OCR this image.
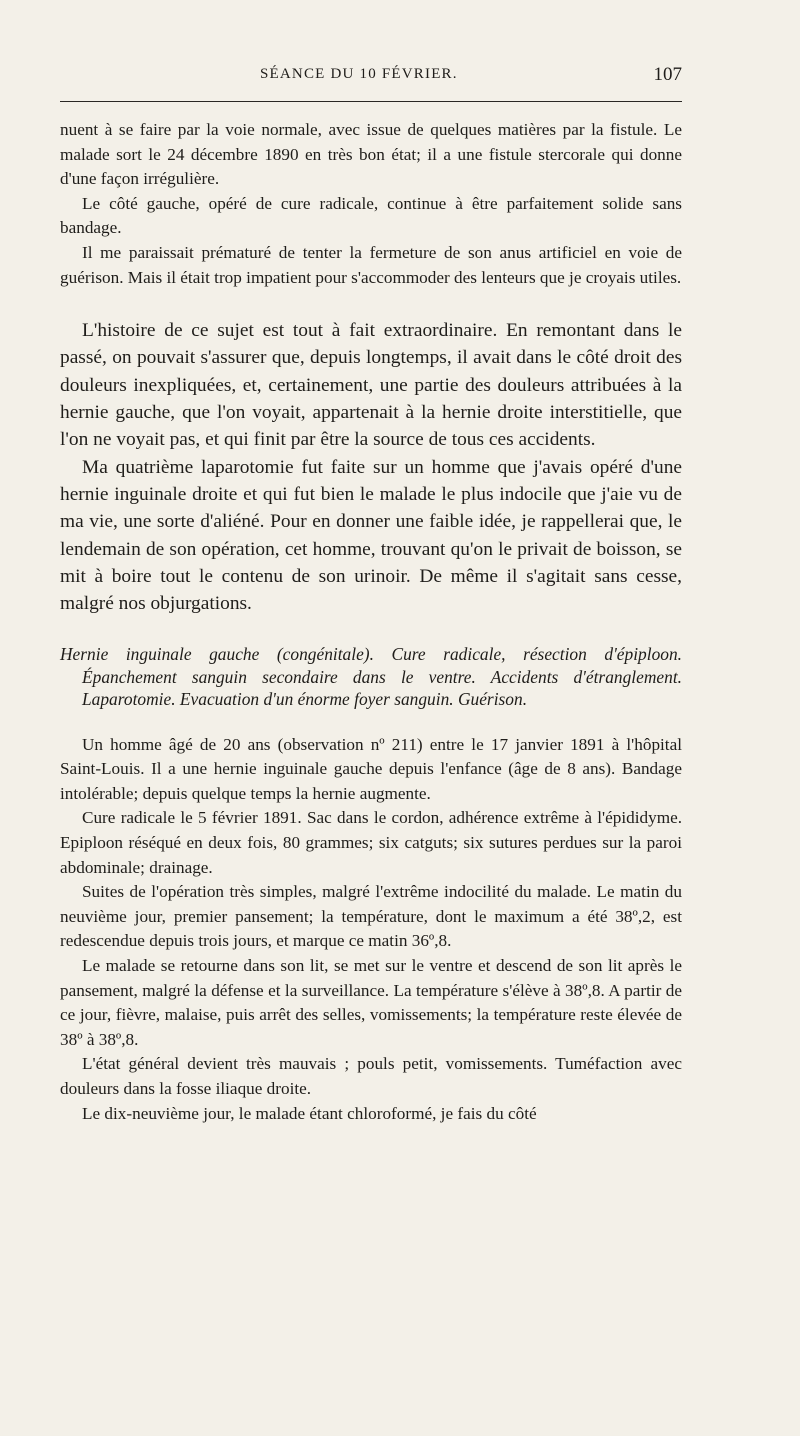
SÉANCE DU 10 FÉVRIER.	107

nuent à se faire par la voie normale, avec issue de quelques matières par la fistule. Le malade sort le 24 décembre 1890 en très bon état; il a une fistule stercorale qui donne d'une façon irrégulière.

Le côté gauche, opéré de cure radicale, continue à être parfaitement solide sans bandage.

Il me paraissait prématuré de tenter la fermeture de son anus artificiel en voie de guérison. Mais il était trop impatient pour s'accommoder des lenteurs que je croyais utiles.

L'histoire de ce sujet est tout à fait extraordinaire. En remontant dans le passé, on pouvait s'assurer que, depuis longtemps, il avait dans le côté droit des douleurs inexpliquées, et, certainement, une partie des douleurs attribuées à la hernie gauche, que l'on voyait, appartenait à la hernie droite interstitielle, que l'on ne voyait pas, et qui finit par être la source de tous ces accidents.

Ma quatrième laparotomie fut faite sur un homme que j'avais opéré d'une hernie inguinale droite et qui fut bien le malade le plus indocile que j'aie vu de ma vie, une sorte d'aliéné. Pour en donner une faible idée, je rappellerai que, le lendemain de son opération, cet homme, trouvant qu'on le privait de boisson, se mit à boire tout le contenu de son urinoir. De même il s'agitait sans cesse, malgré nos objurgations.

Hernie inguinale gauche (congénitale). Cure radicale, résection d'épiploon. Épanchement sanguin secondaire dans le ventre. Accidents d'étranglement. Laparotomie. Evacuation d'un énorme foyer sanguin. Guérison.

Un homme âgé de 20 ans (observation nº 211) entre le 17 janvier 1891 à l'hôpital Saint-Louis. Il a une hernie inguinale gauche depuis l'enfance (âge de 8 ans). Bandage intolérable; depuis quelque temps la hernie augmente.

Cure radicale le 5 février 1891. Sac dans le cordon, adhérence extrême à l'épididyme. Epiploon réséqué en deux fois, 80 grammes; six catguts; six sutures perdues sur la paroi abdominale; drainage.

Suites de l'opération très simples, malgré l'extrême indocilité du malade. Le matin du neuvième jour, premier pansement; la température, dont le maximum a été 38º,2, est redescendue depuis trois jours, et marque ce matin 36º,8.

Le malade se retourne dans son lit, se met sur le ventre et descend de son lit après le pansement, malgré la défense et la surveillance. La température s'élève à 38º,8. A partir de ce jour, fièvre, malaise, puis arrêt des selles, vomissements; la température reste élevée de 38º à 38º,8.

L'état général devient très mauvais ; pouls petit, vomissements. Tuméfaction avec douleurs dans la fosse iliaque droite.

Le dix-neuvième jour, le malade étant chloroformé, je fais du côté
